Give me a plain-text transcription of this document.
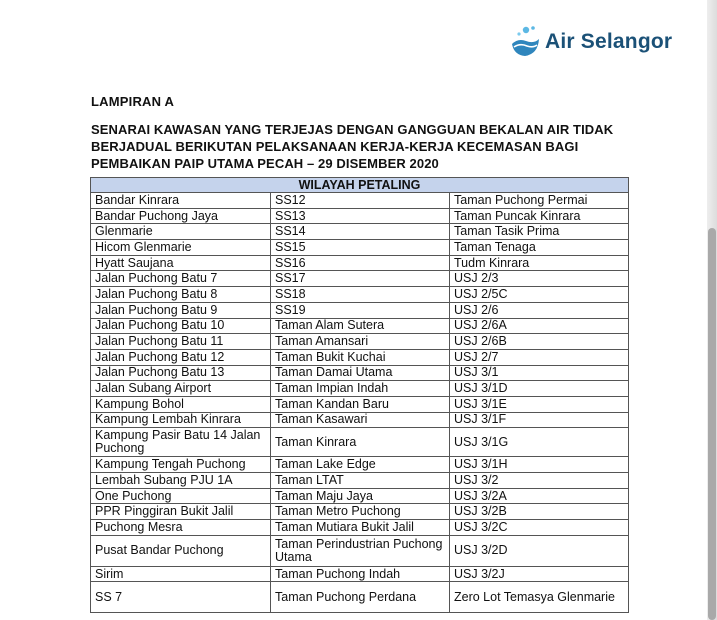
Air Selangor
LAMPIRAN A
SENARAI KAWASAN YANG TERJEJAS DENGAN GANGGUAN BEKALAN AIR TIDAK
BERJADUAL BERIKUTAN PELAKSANAAN KERJA-KERJA KECEMASAN BAGI
PEMBAIKAN PAIP UTAMA PECAH – 29 DISEMBER 2020
WILAYAH PETALING		
Bandar Kinrara	SS12	Taman Puchong Permai
Bandar Puchong Jaya	SS13	Taman Puncak Kinrara
Glenmarie	SS14	Taman Tasik Prima
Hicom Glenmarie	SS15	Taman Tenaga
Hyatt Saujana	SS16	Tudm Kinrara
Jalan Puchong Batu 7	SS17	USJ 2/3
Jalan Puchong Batu 8	SS18	USJ 2/5C
Jalan Puchong Batu 9	SS19	USJ 2/6
Jalan Puchong Batu 10	Taman Alam Sutera	USJ 2/6A
Jalan Puchong Batu 11	Taman Amansari	USJ 2/6B
Jalan Puchong Batu 12	Taman Bukit Kuchai	USJ 2/7
Jalan Puchong Batu 13	Taman Damai Utama	USJ 3/1
Jalan Subang Airport	Taman Impian Indah	USJ 3/1D
Kampung Bohol	Taman Kandan Baru	USJ 3/1E
Kampung Lembah Kinrara	Taman Kasawari	USJ 3/1F
Kampung Pasir Batu 14 Jalan Puchong	Taman Kinrara	USJ 3/1G
Kampung Tengah Puchong	Taman Lake Edge	USJ 3/1H
Lembah Subang PJU 1A	Taman LTAT	USJ 3/2
One Puchong	Taman Maju Jaya	USJ 3/2A
PPR Pinggiran Bukit Jalil	Taman Metro Puchong	USJ 3/2B
Puchong Mesra	Taman Mutiara Bukit Jalil	USJ 3/2C
Pusat Bandar Puchong	Taman Perindustrian Puchong Utama	USJ 3/2D
Sirim	Taman Puchong Indah	USJ 3/2J
SS 7	Taman Puchong Perdana	Zero Lot Temasya Glenmarie
